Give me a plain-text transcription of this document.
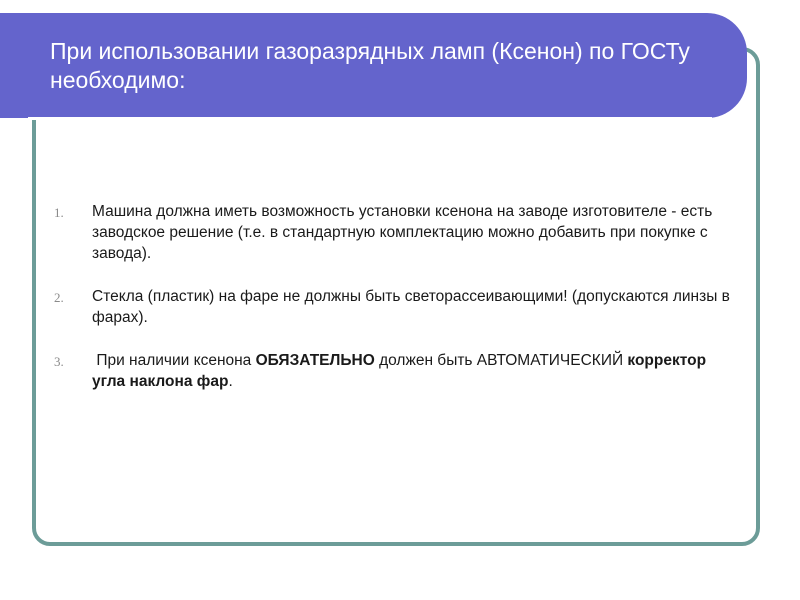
При использовании газоразрядных ламп (Ксенон) по ГОСТу необходимо:
1. Машина должна иметь возможность установки ксенона на заводе изготовителе - есть заводское решение (т.е. в стандартную комплектацию можно добавить при покупке с завода).
2. Стекла (пластик) на фаре не должны быть светорассеивающими! (допускаются линзы в фарах).
3. При наличии ксенона ОБЯЗАТЕЛЬНО должен быть АВТОМАТИЧЕСКИЙ корректор угла наклона фар.
